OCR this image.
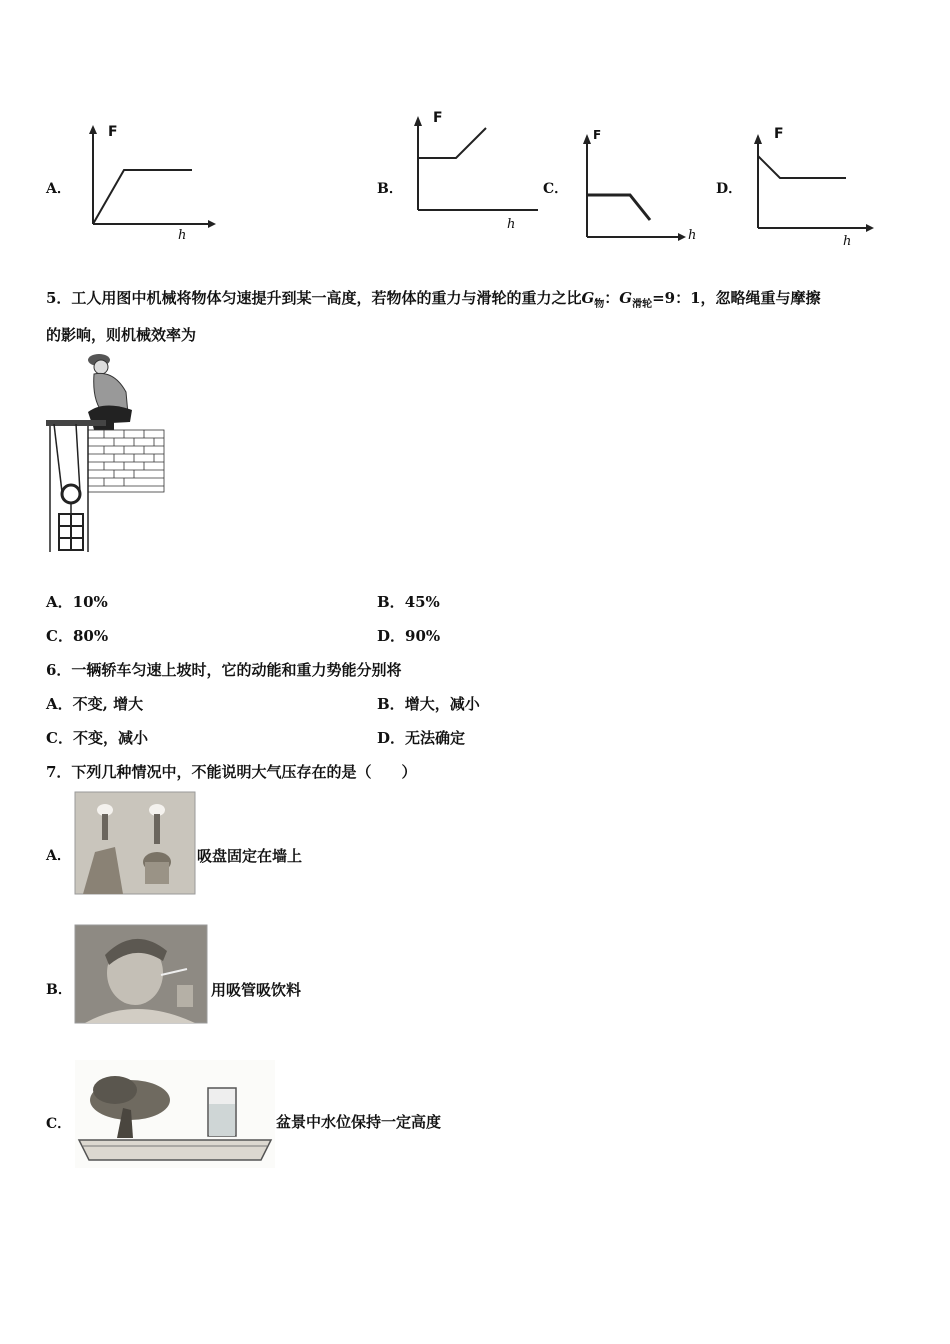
A．	B．	C．	D．
F
h
F
h
F
h
F
h
5．工人用图中机械将物体匀速提升到某一高度，若物体的重力与滑轮的重力之比$G_物$：$G_{滑轮}=9$：1，忽略绳重与摩擦
的影响，则机械效率为
A．10%	B．45%
C．80%	D．90%
6．一辆轿车匀速上坡时，它的动能和重力势能分别将
A．不变, 增大	B．增大，减小
C．不变，减小	D．无法确定
7．下列几种情况中，不能说明大气压存在的是（　　）
A．	吸盘固定在墙上
B．	用吸管吸饮料
C．	盆景中水位保持一定高度
